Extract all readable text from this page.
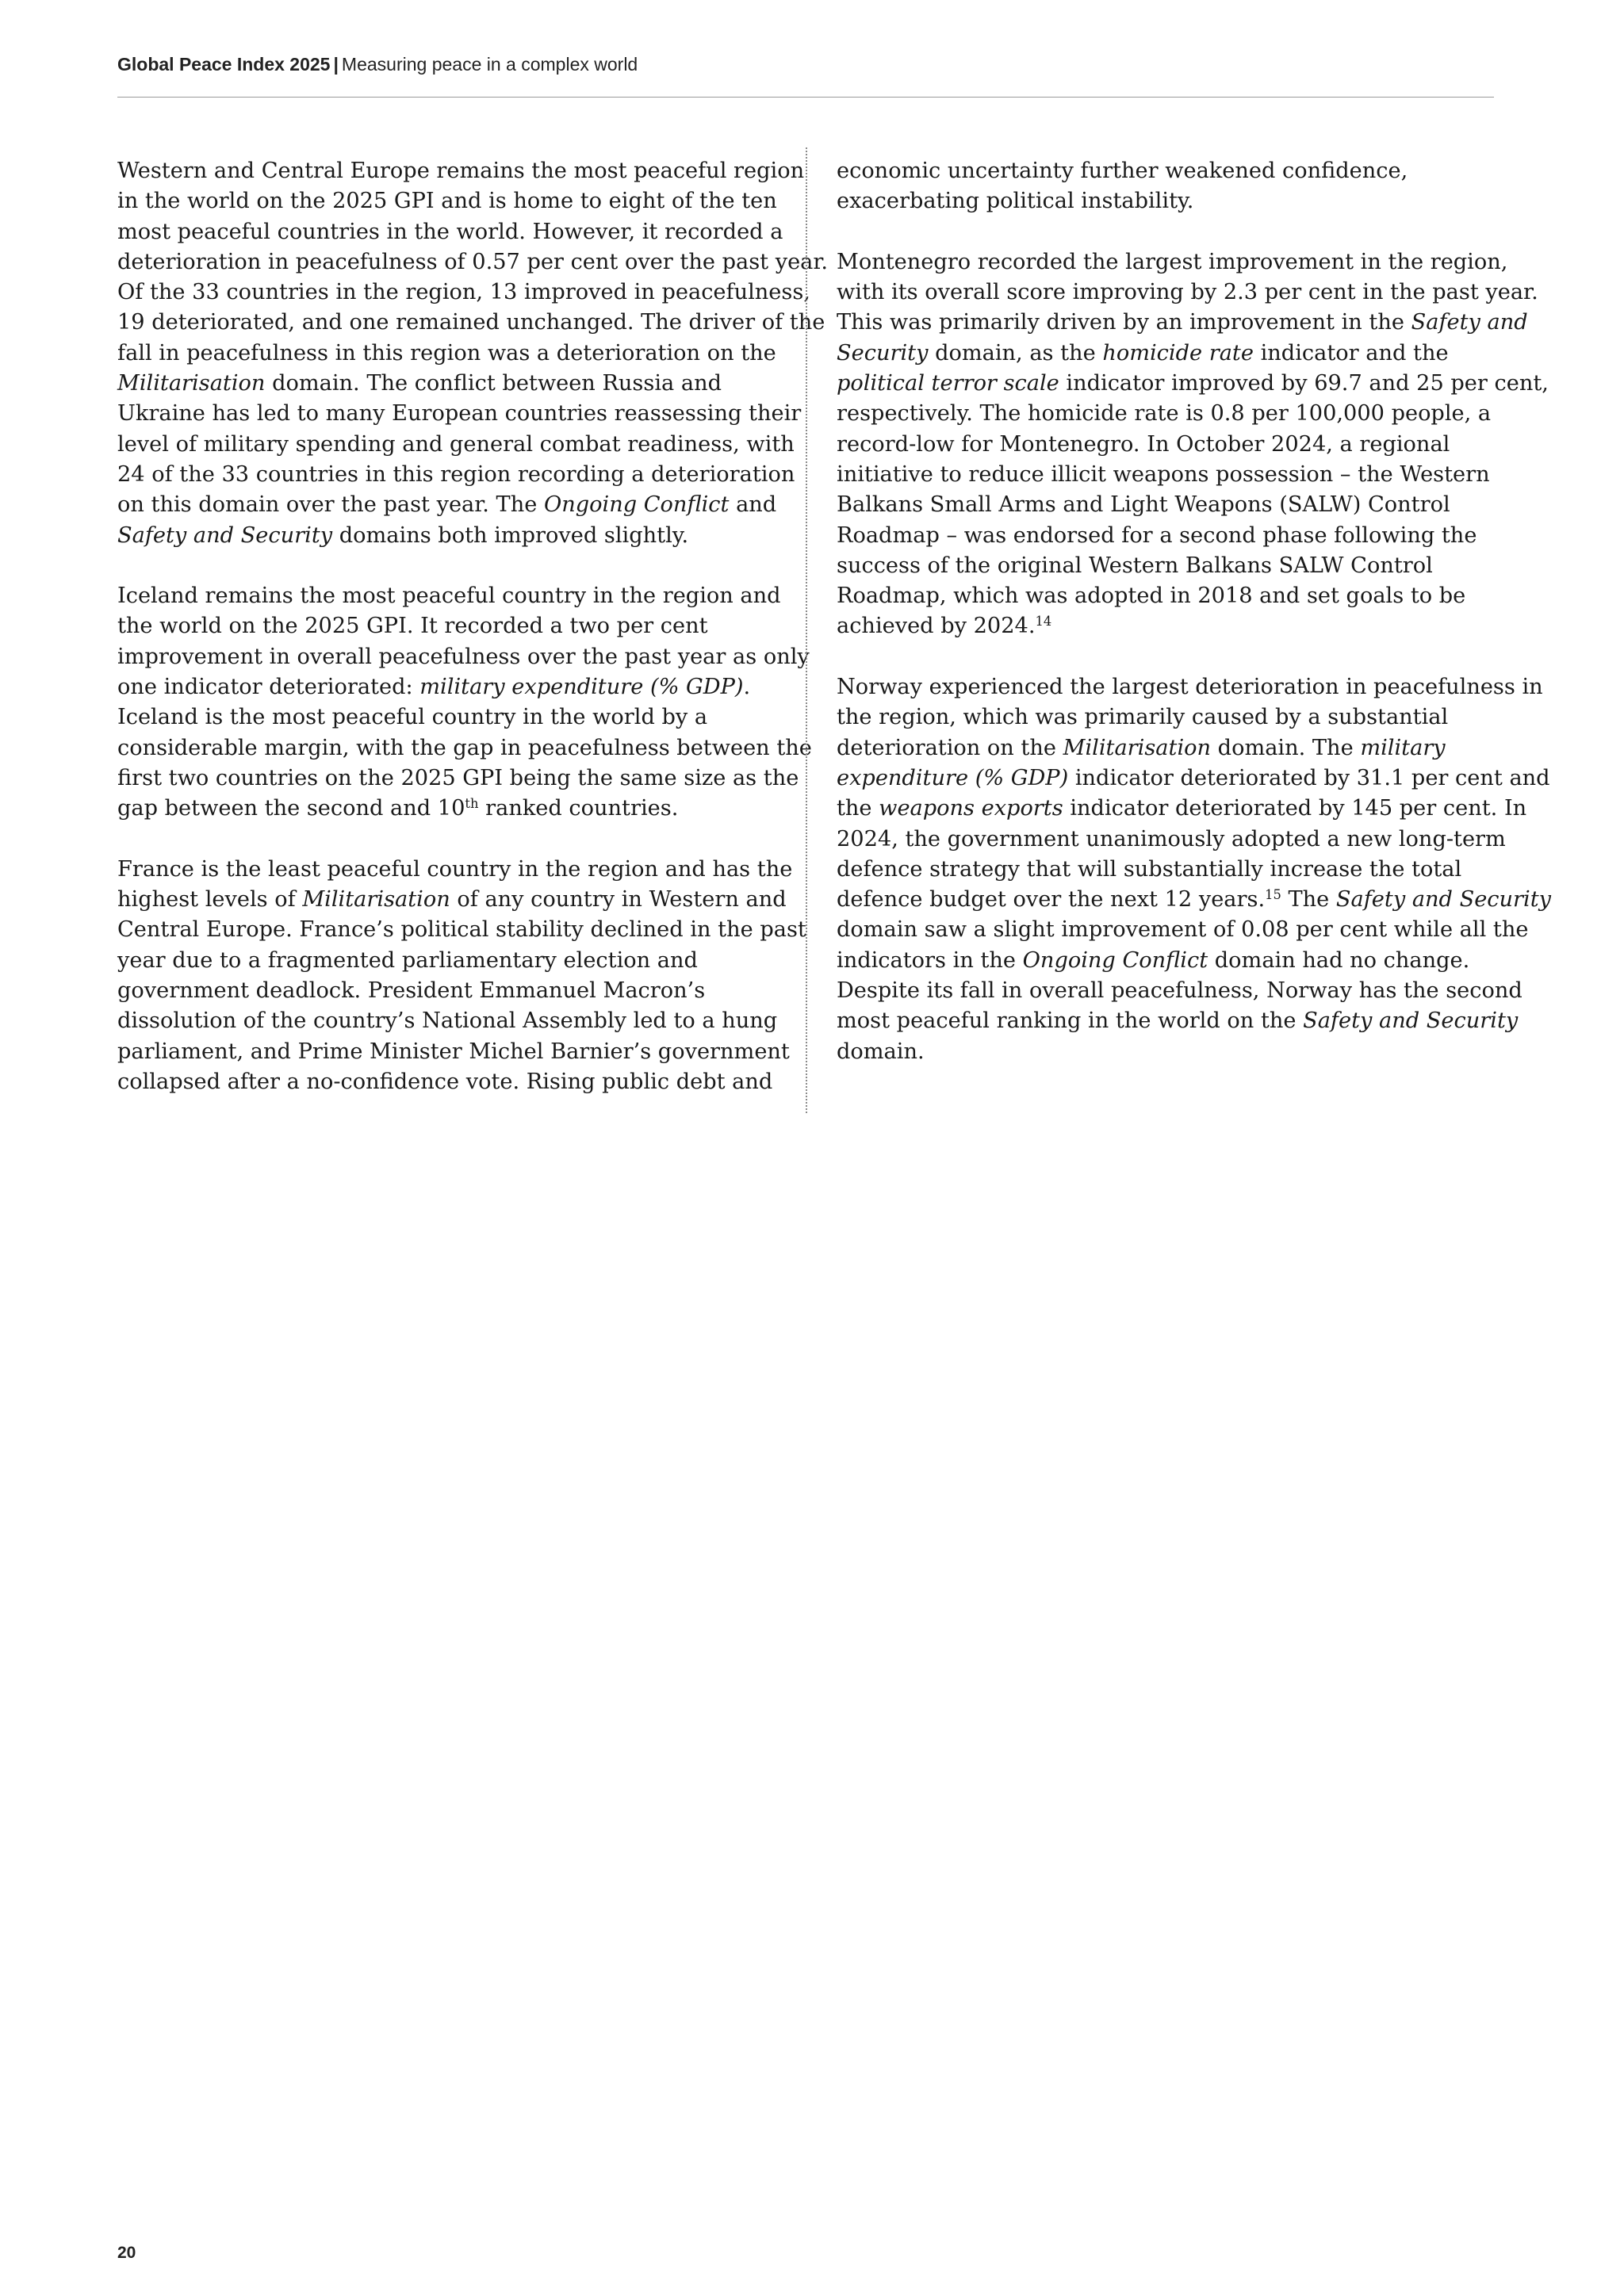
Global Peace Index 2025 | Measuring peace in a complex world

Western and Central Europe remains the most peaceful region
in the world on the 2025 GPI and is home to eight of the ten
most peaceful countries in the world. However, it recorded a
deterioration in peacefulness of 0.57 per cent over the past year.
Of the 33 countries in the region, 13 improved in peacefulness,
19 deteriorated, and one remained unchanged. The driver of the
fall in peacefulness in this region was a deterioration on the
Militarisation domain. The conflict between Russia and
Ukraine has led to many European countries reassessing their
level of military spending and general combat readiness, with
24 of the 33 countries in this region recording a deterioration
on this domain over the past year. The Ongoing Conflict and
Safety and Security domains both improved slightly.

Iceland remains the most peaceful country in the region and
the world on the 2025 GPI. It recorded a two per cent
improvement in overall peacefulness over the past year as only
one indicator deteriorated: military expenditure (% GDP).
Iceland is the most peaceful country in the world by a
considerable margin, with the gap in peacefulness between the
first two countries on the 2025 GPI being the same size as the
gap between the second and 10th ranked countries.

France is the least peaceful country in the region and has the
highest levels of Militarisation of any country in Western and
Central Europe. France’s political stability declined in the past
year due to a fragmented parliamentary election and
government deadlock. President Emmanuel Macron’s
dissolution of the country’s National Assembly led to a hung
parliament, and Prime Minister Michel Barnier’s government
collapsed after a no-confidence vote. Rising public debt and

economic uncertainty further weakened confidence,
exacerbating political instability.

Montenegro recorded the largest improvement in the region,
with its overall score improving by 2.3 per cent in the past year.
This was primarily driven by an improvement in the Safety and
Security domain, as the homicide rate indicator and the
political terror scale indicator improved by 69.7 and 25 per cent,
respectively. The homicide rate is 0.8 per 100,000 people, a
record-low for Montenegro. In October 2024, a regional
initiative to reduce illicit weapons possession – the Western
Balkans Small Arms and Light Weapons (SALW) Control
Roadmap – was endorsed for a second phase following the
success of the original Western Balkans SALW Control
Roadmap, which was adopted in 2018 and set goals to be
achieved by 2024.14

Norway experienced the largest deterioration in peacefulness in
the region, which was primarily caused by a substantial
deterioration on the Militarisation domain. The military
expenditure (% GDP) indicator deteriorated by 31.1 per cent and
the weapons exports indicator deteriorated by 145 per cent. In
2024, the government unanimously adopted a new long-term
defence strategy that will substantially increase the total
defence budget over the next 12 years.$^{15}$ The Safety and Security
domain saw a slight improvement of 0.08 per cent while all the
indicators in the Ongoing Conflict domain had no change.
Despite its fall in overall peacefulness, Norway has the second
most peaceful ranking in the world on the Safety and Security
domain.

20
